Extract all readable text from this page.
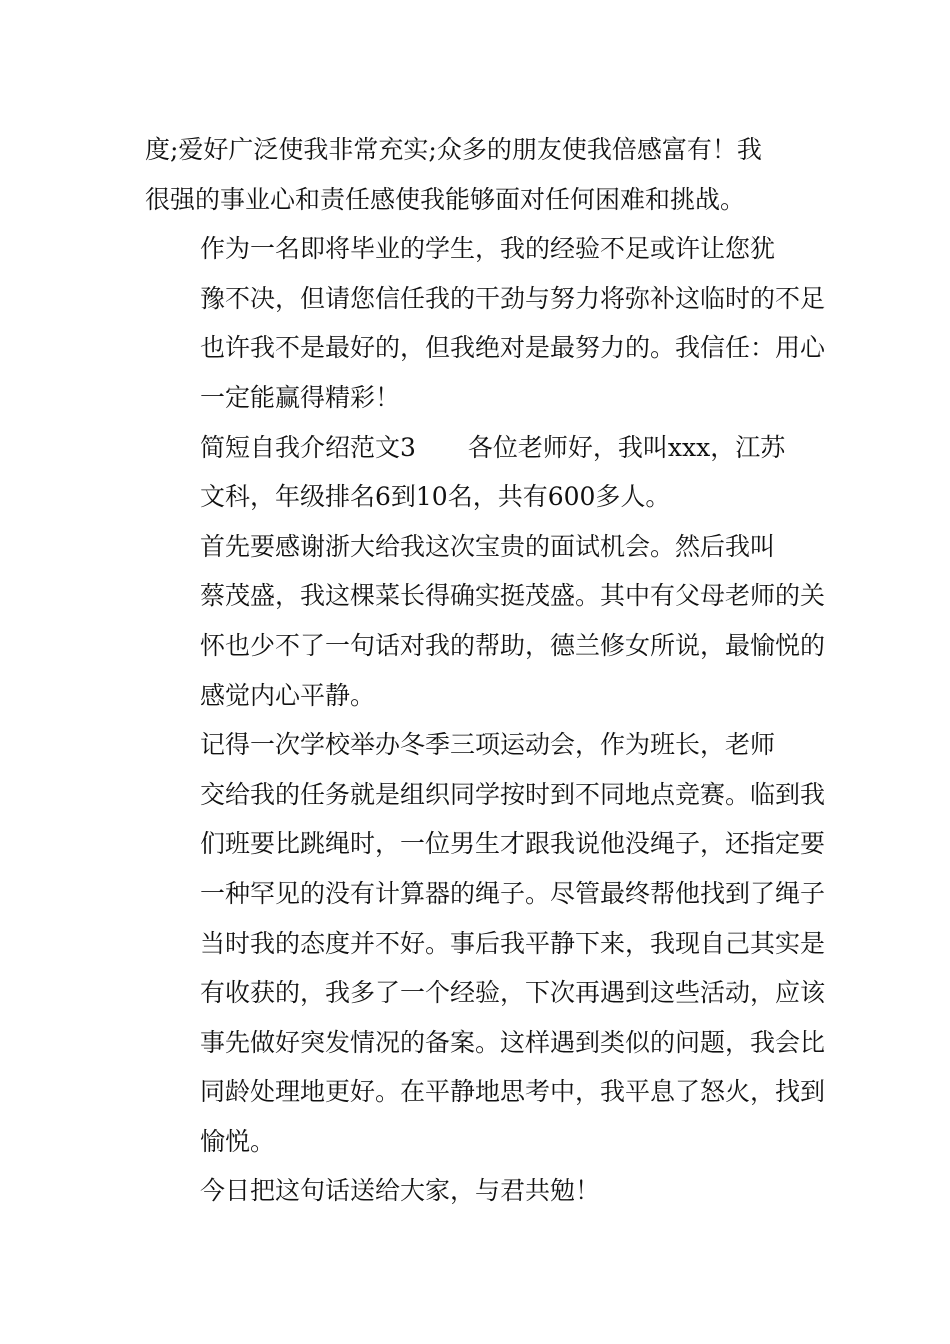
度;爱好广泛使我非常充实;众多的朋友使我倍感富有！我
很强的事业心和责任感使我能够面对任何困难和挑战。

作为一名即将毕业的学生，我的经验不足或许让您犹
豫不决，但请您信任我的干劲与努力将弥补这临时的不足
也许我不是最好的，但我绝对是最努力的。我信任：用心
一定能赢得精彩！

简短自我介绍范文3 各位老师好，我叫xxx，江苏
文科，年级排名6到10名，共有600多人。

首先要感谢浙大给我这次宝贵的面试机会。然后我叫
蔡茂盛，我这棵菜长得确实挺茂盛。其中有父母老师的关
怀也少不了一句话对我的帮助，德兰修女所说，最愉悦的
感觉内心平静。

记得一次学校举办冬季三项运动会，作为班长，老师
交给我的任务就是组织同学按时到不同地点竞赛。临到我
们班要比跳绳时，一位男生才跟我说他没绳子，还指定要
一种罕见的没有计算器的绳子。尽管最终帮他找到了绳子
当时我的态度并不好。事后我平静下来，我现自己其实是
有收获的，我多了一个经验，下次再遇到这些活动，应该
事先做好突发情况的备案。这样遇到类似的问题，我会比
同龄处理地更好。在平静地思考中，我平息了怒火，找到
愉悦。

今日把这句话送给大家，与君共勉！
